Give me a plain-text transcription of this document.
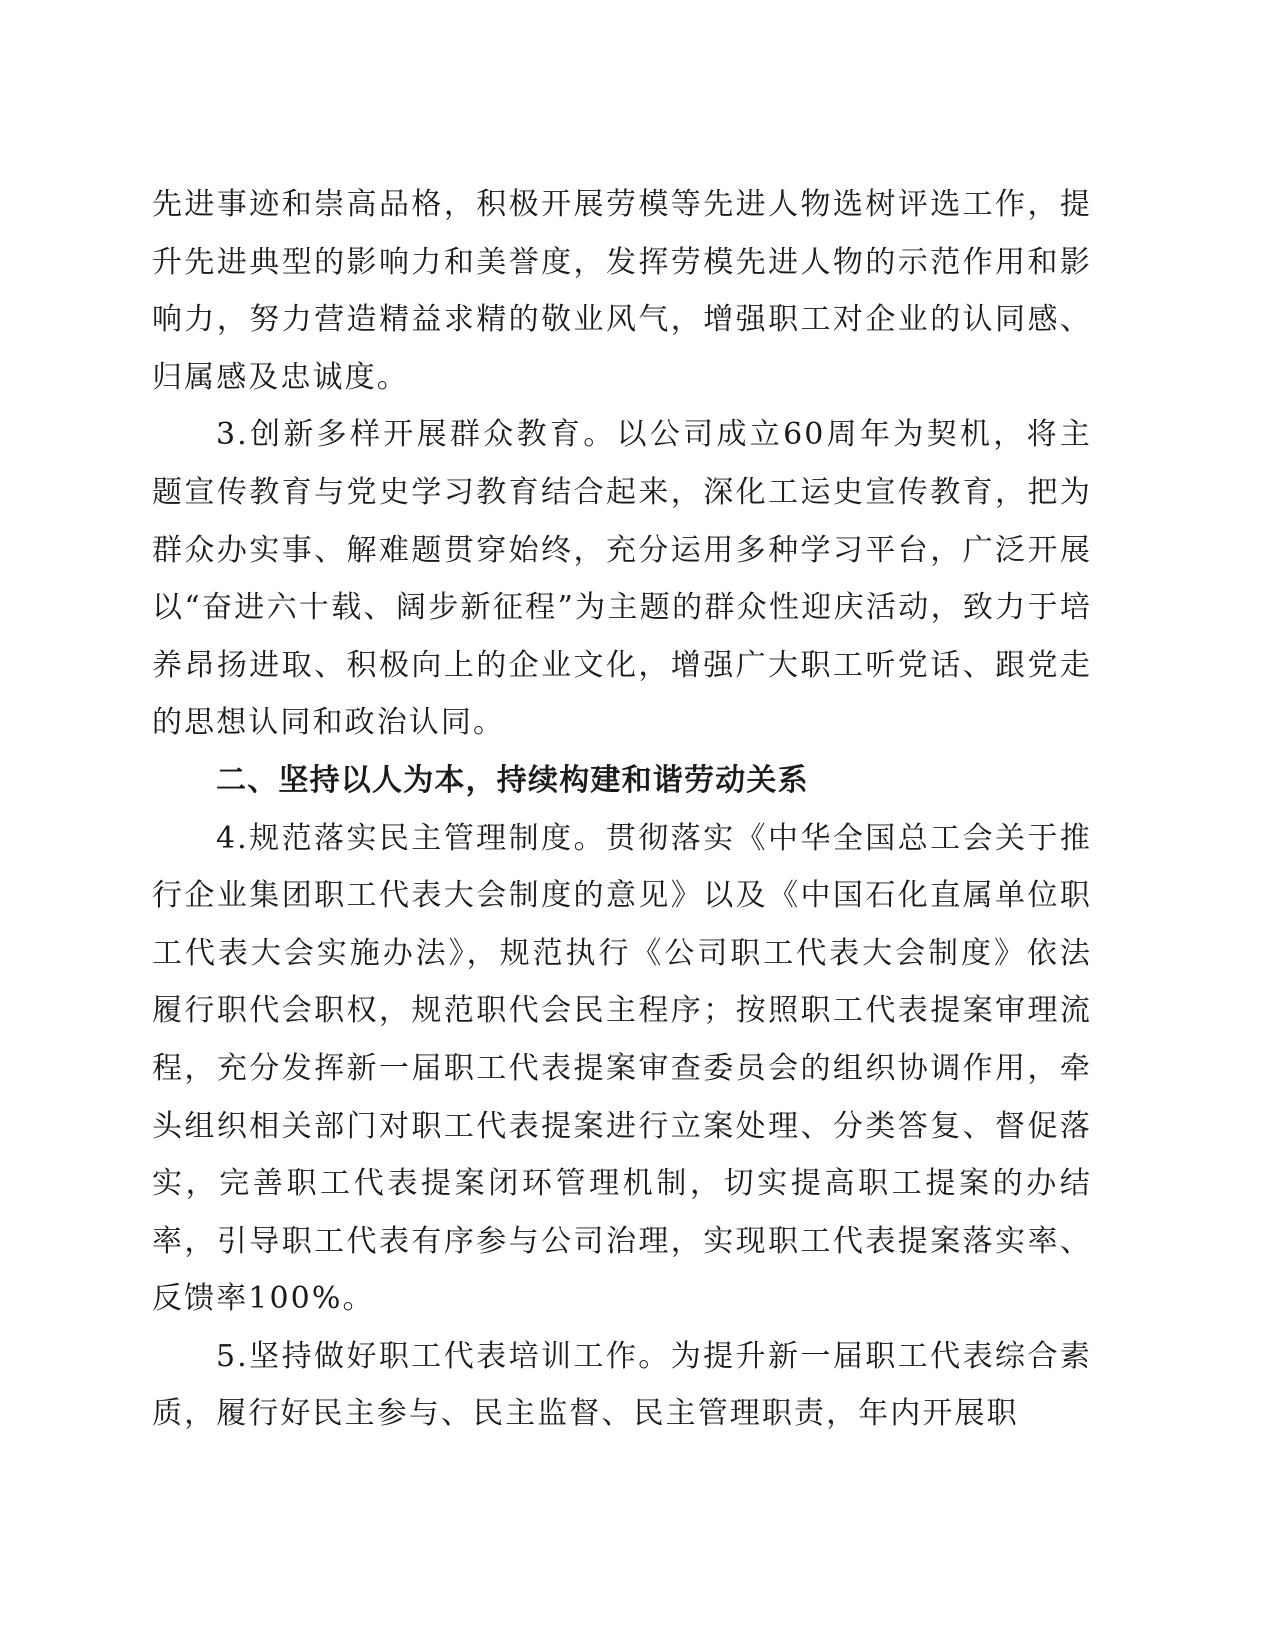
先进事迹和崇高品格，积极开展劳模等先进人物选树评选工作，提升先进典型的影响力和美誉度，发挥劳模先进人物的示范作用和影响力，努力营造精益求精的敬业风气，增强职工对企业的认同感、归属感及忠诚度。

3.创新多样开展群众教育。以公司成立60周年为契机，将主题宣传教育与党史学习教育结合起来，深化工运史宣传教育，把为群众办实事、解难题贯穿始终，充分运用多种学习平台，广泛开展以“奋进六十载、阔步新征程”为主题的群众性迎庆活动，致力于培养昂扬进取、积极向上的企业文化，增强广大职工听党话、跟党走的思想认同和政治认同。

二、坚持以人为本，持续构建和谐劳动关系

4.规范落实民主管理制度。贯彻落实《中华全国总工会关于推行企业集团职工代表大会制度的意见》以及《中国石化直属单位职工代表大会实施办法》，规范执行《公司职工代表大会制度》依法履行职代会职权，规范职代会民主程序；按照职工代表提案审理流程，充分发挥新一届职工代表提案审查委员会的组织协调作用，牵头组织相关部门对职工代表提案进行立案处理、分类答复、督促落实，完善职工代表提案闭环管理机制，切实提高职工提案的办结率，引导职工代表有序参与公司治理，实现职工代表提案落实率、反馈率100%。

5.坚持做好职工代表培训工作。为提升新一届职工代表综合素质，履行好民主参与、民主监督、民主管理职责，年内开展职
